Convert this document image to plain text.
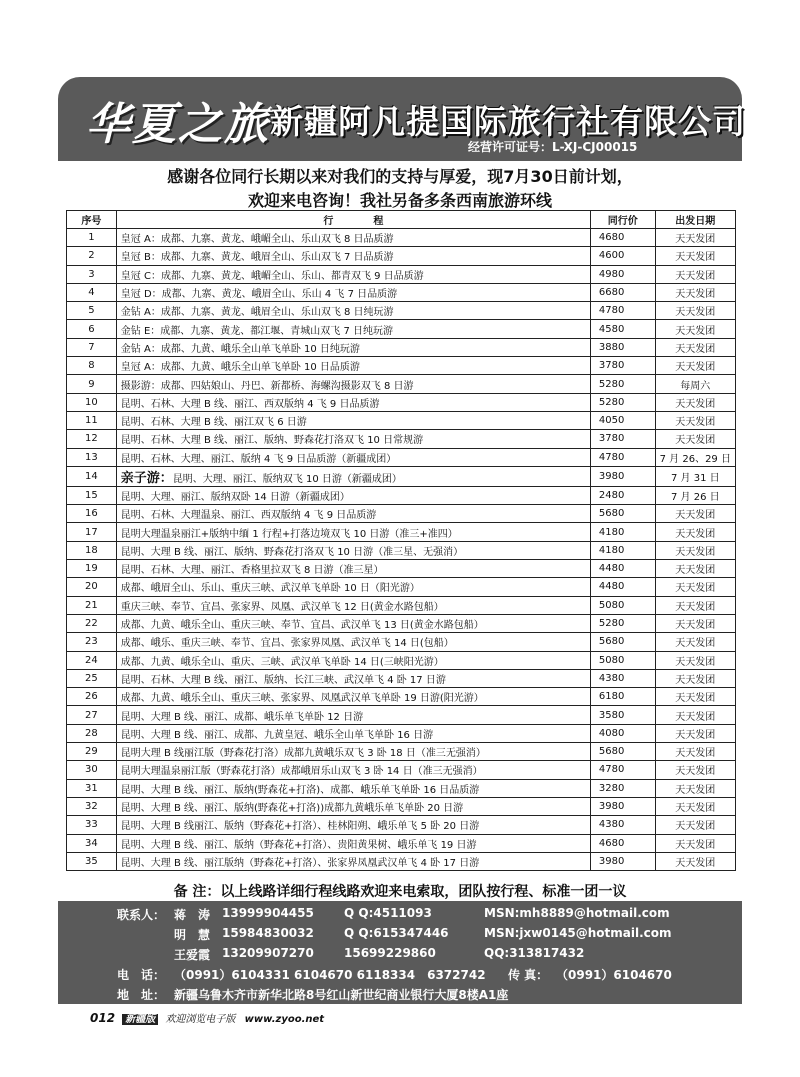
华夏之旅 新疆阿凡提国际旅行社有限公司
经营许可证号：L-XJ-CJ00015
感谢各位同行长期以来对我们的支持与厚爱，现7月30日前计划，
欢迎来电咨询！我社另备多条西南旅游环线
序号	行　　　　程	同行价	出发日期
1	皇冠 A：成都、九寨、黄龙、峨嵋全山、乐山双飞 8 日品质游	4680	天天发团
2	皇冠 B：成都、九寨、黄龙、峨眉全山、乐山双飞 7 日品质游	4600	天天发团
3	皇冠 C：成都、九寨、黄龙、峨嵋全山、乐山、都青双飞 9 日品质游	4980	天天发团
4	皇冠 D：成都、九寨、黄龙、峨眉全山、乐山 4 飞 7 日品质游	6680	天天发团
5	金钻 A：成都、九寨、黄龙、峨眉全山、乐山双飞 8 日纯玩游	4780	天天发团
6	金钻 E：成都、九寨、黄龙、都江堰、青城山双飞 7 日纯玩游	4580	天天发团
7	金钻 A：成都、九黄、峨乐全山单飞单卧 10 日纯玩游	3880	天天发团
8	皇冠 A：成都、九黄、峨乐全山单飞单卧 10 日品质游	3780	天天发团
9	摄影游：成都、四姑娘山、丹巴、新都桥、海螺沟摄影双飞 8 日游	5280	每周六
10	昆明、石林、大理 B 线、丽江、西双版纳 4 飞 9 日品质游	5280	天天发团
11	昆明、石林、大理 B 线、丽江双飞 6 日游	4050	天天发团
12	昆明、石林、大理 B 线、丽江、版纳、野森花打洛双飞 10 日常规游	3780	天天发团
13	昆明、石林、大理、丽江、版纳 4 飞 9 日品质游（新疆成团）	4780	7 月 26、29 日
14	亲子游：昆明、大理、丽江、版纳双飞 10 日游（新疆成团）	3980	7 月 31 日
15	昆明、大理、丽江、版纳双卧 14 日游（新疆成团）	2480	7 月 26 日
16	昆明、石林、大理温泉、丽江、西双版纳 4 飞 9 日品质游	5680	天天发团
17	昆明大理温泉丽江+版纳中缅 1 行程+打落边境双飞 10 日游（准三+准四）	4180	天天发团
18	昆明、大理 B 线、丽江、版纳、野森花打洛双飞 10 日游（准三星、无强消）	4180	天天发团
19	昆明、石林、大理、丽江、香格里拉双飞 8 日游（准三星）	4480	天天发团
20	成都、峨眉全山、乐山、重庆三峡、武汉单飞单卧 10 日（阳光游）	4480	天天发团
21	重庆三峡、奉节、宜昌、张家界、凤凰、武汉单飞 12 日(黄金水路包船）	5080	天天发团
22	成都、九黄、峨乐全山、重庆三峡、奉节、宜昌、武汉单飞 13 日(黄金水路包船）	5280	天天发团
23	成都、峨乐、重庆三峡、奉节、宜昌、张家界凤凰、武汉单飞 14 日(包船）	5680	天天发团
24	成都、九黄、峨乐全山、重庆、三峡、武汉单飞单卧 14 日(三峡阳光游）	5080	天天发团
25	昆明、石林、大理 B 线、丽江、版纳、长江三峡、武汉单飞 4 卧 17 日游	4380	天天发团
26	成都、九黄、峨乐全山、重庆三峡、张家界、凤凰武汉单飞单卧 19 日游(阳光游）	6180	天天发团
27	昆明、大理 B 线、丽江、成都、峨乐单飞单卧 12 日游	3580	天天发团
28	昆明、大理 B 线、丽江、成都、九黄皇冠、峨乐全山单飞单卧 16 日游	4080	天天发团
29	昆明大理 B 线丽江版（野森花打洛）成都九黄峨乐双飞 3 卧 18 日（准三无强消）	5680	天天发团
30	昆明大理温泉丽江版（野森花打洛）成都峨眉乐山双飞 3 卧 14 日（准三无强消）	4780	天天发团
31	昆明、大理 B 线、丽江、版纳(野森花+打洛)、成都、峨乐单飞单卧 16 日品质游	3280	天天发团
32	昆明、大理 B 线、丽江、版纳(野森花+打洛))成都九黄峨乐单飞单卧 20 日游	3980	天天发团
33	昆明、大理 B 线丽江、版纳（野森花+打洛）、桂林阳朔、峨乐单飞 5 卧 20 日游	4380	天天发团
34	昆明、大理 B 线、丽江、版纳（野森花+打洛）、贵阳黄果树、峨乐单飞 19 日游	4680	天天发团
35	昆明、大理 B 线、丽江版纳（野森花+打洛）、张家界凤凰武汉单飞 4 卧 17 日游	3980	天天发团
备 注：以上线路详细行程线路欢迎来电索取，团队按行程、标准一团一议
联系人： 蒋　涛 13999904455	Q Q:4511093	MSN:mh8889@hotmail.com
明　慧 15984830032	Q Q:615347446	MSN:jxw0145@hotmail.com
王爱霞 13209907270	15699229860	QQ:313817432
电　话： （0991）6104331 6104670 6118334　6372742 传 真： （0991）6104670
地　址： 新疆乌鲁木齐市新华北路8号红山新世纪商业银行大厦8楼A1座
012 新疆版 欢迎浏览电子版 www.zyoo.net
